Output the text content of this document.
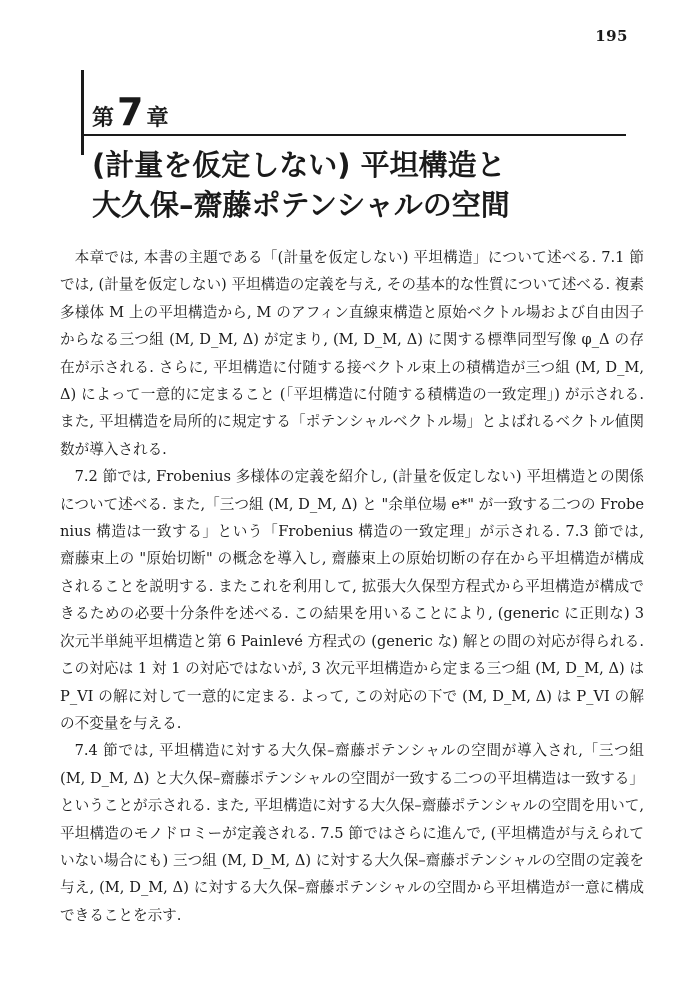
195
第7 章
(計量を仮定しない) 平坦構造と
大久保–齋藤ポテンシャルの空間

本章では, 本書の主題である「(計量を仮定しない) 平坦構造」について述べる. 7.1 節では, (計量を仮定しない) 平坦構造の定義を与え, その基本的な性質について述べる. 複素多様体 M 上の平坦構造から, M のアフィン直線束構造と原始ベクトル場および自由因子からなる三つ組 (M, D_M, Δ) が定まり, (M, D_M, Δ) に関する標準同型写像 φ_Δ の存在が示される. さらに, 平坦構造に付随する接ベクトル束上の積構造が三つ組 (M, D_M, Δ) によって一意的に定まること (「平坦構造に付随する積構造の一致定理」) が示される. また, 平坦構造を局所的に規定する「ポテンシャルベクトル場」とよばれるベクトル値関数が導入される.

7.2 節では, Frobenius 多様体の定義を紹介し, (計量を仮定しない) 平坦構造との関係について述べる. また,「三つ組 (M, D_M, Δ) と "余単位場 e*" が一致する二つの Frobenius 構造は一致する」という「Frobenius 構造の一致定理」が示される. 7.3 節では, 齋藤束上の "原始切断" の概念を導入し, 齋藤束上の原始切断の存在から平坦構造が構成されることを説明する. またこれを利用して, 拡張大久保型方程式から平坦構造が構成できるための必要十分条件を述べる. この結果を用いることにより, (generic に正則な) 3 次元半単純平坦構造と第 6 Painlevé 方程式の (generic な) 解との間の対応が得られる. この対応は 1 対 1 の対応ではないが, 3 次元平坦構造から定まる三つ組 (M, D_M, Δ) は P_VI の解に対して一意的に定まる. よって, この対応の下で (M, D_M, Δ) は P_VI の解の不変量を与える.

7.4 節では, 平坦構造に対する大久保–齋藤ポテンシャルの空間が導入され,「三つ組 (M, D_M, Δ) と大久保–齋藤ポテンシャルの空間が一致する二つの平坦構造は一致する」ということが示される. また, 平坦構造に対する大久保–齋藤ポテンシャルの空間を用いて, 平坦構造のモノドロミーが定義される. 7.5 節ではさらに進んで, (平坦構造が与えられていない場合にも) 三つ組 (M, D_M, Δ) に対する大久保–齋藤ポテンシャルの空間の定義を与え, (M, D_M, Δ) に対する大久保–齋藤ポテンシャルの空間から平坦構造が一意に構成できることを示す.
